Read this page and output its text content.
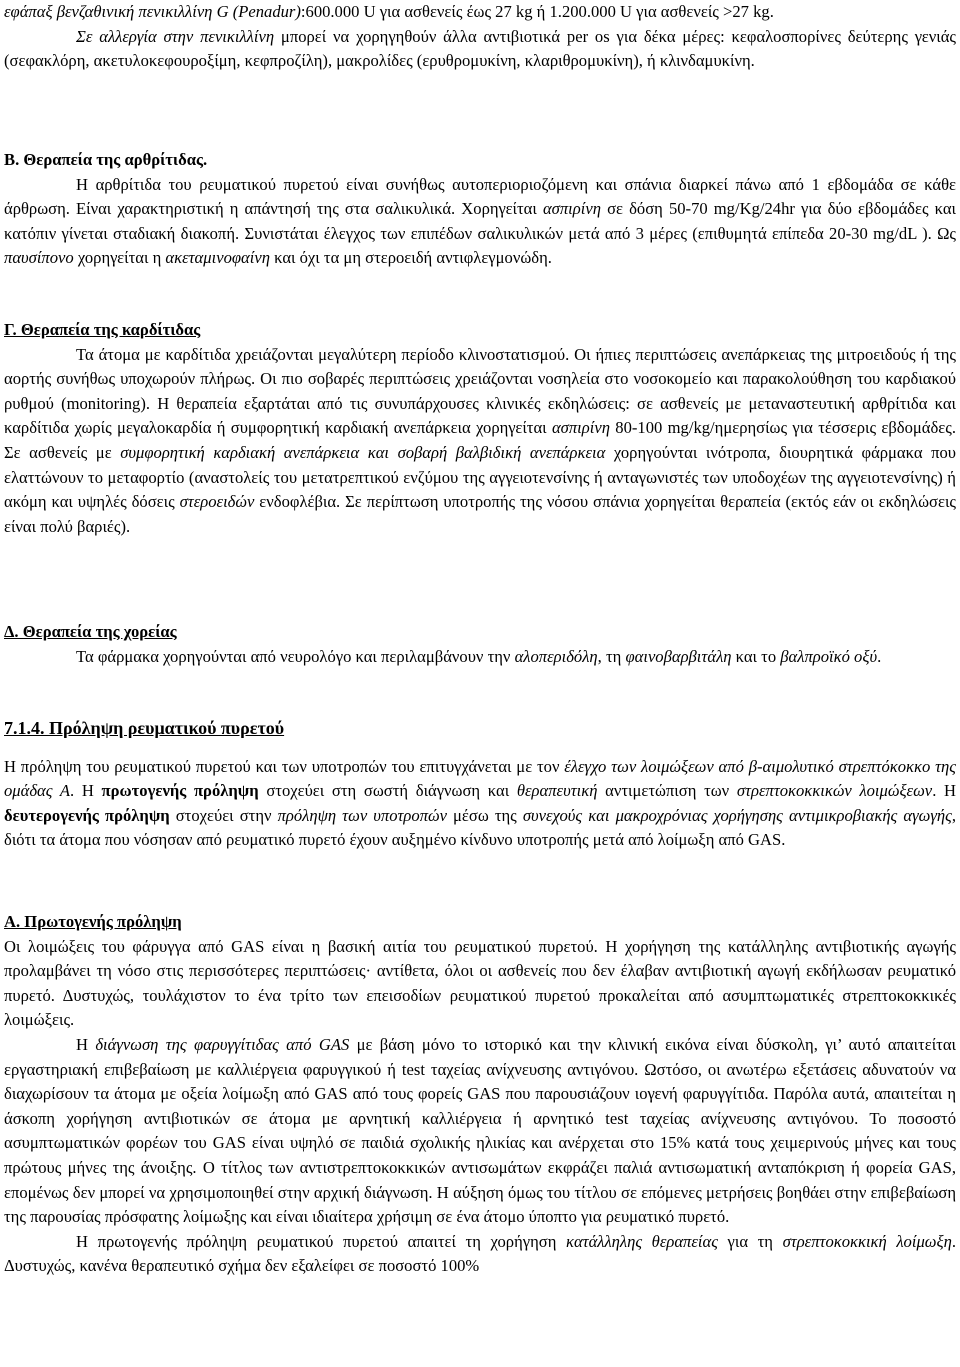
εφάπαξ βενζαθινική πενικιλλίνη G (Penadur):600.000 U για ασθενείς έως 27 kg ή 1.200.000 U για ασθενείς >27 kg.

Σε αλλεργία στην πενικιλλίνη μπορεί να χορηγηθούν άλλα αντιβιοτικά per os για δέκα μέρες: κεφαλοσπορίνες δεύτερης γενιάς (σεφακλόρη, ακετυλοκεφουροξίμη, κεφπροζίλη), μακρολίδες (ερυθρομυκίνη, κλαριθρομυκίνη), ή κλινδαμυκίνη.

Β. Θεραπεία της αρθρίτιδας.

Η αρθρίτιδα του ρευματικού πυρετού είναι συνήθως αυτοπεριοριοζόμενη και σπάνια διαρκεί πάνω από 1 εβδομάδα σε κάθε άρθρωση. Είναι χαρακτηριστική η απάντησή της στα σαλικυλικά. Χορηγείται ασπιρίνη σε δόση 50-70 mg/Kg/24hr για δύο εβδομάδες και κατόπιν γίνεται σταδιακή διακοπή. Συνιστάται έλεγχος των επιπέδων σαλικυλικών μετά από 3 μέρες (επιθυμητά επίπεδα 20-30 mg/dL ). Ως παυσίπονο χορηγείται η ακεταμινοφαίνη και όχι τα μη στεροειδή αντιφλεγμονώδη.

Γ. Θεραπεία της καρδίτιδας

Τα άτομα με καρδίτιδα χρειάζονται μεγαλύτερη περίοδο κλινοστατισμού. Οι ήπιες περιπτώσεις ανεπάρκειας της μιτροειδούς ή της αορτής συνήθως υποχωρούν πλήρως. Οι πιο σοβαρές περιπτώσεις χρειάζονται νοσηλεία στο νοσοκομείο και παρακολούθηση του καρδιακού ρυθμού (monitoring). Η θεραπεία εξαρτάται από τις συνυπάρχουσες κλινικές εκδηλώσεις: σε ασθενείς με μεταναστευτική αρθρίτιδα και καρδίτιδα χωρίς μεγαλοκαρδία ή συμφορητική καρδιακή ανεπάρκεια χορηγείται ασπιρίνη 80-100 mg/kg/ημερησίως για τέσσερις εβδομάδες. Σε ασθενείς με συμφορητική καρδιακή ανεπάρκεια και σοβαρή βαλβιδική ανεπάρκεια χορηγούνται ινότροπα, διουρητικά φάρμακα που ελαττώνουν το μεταφορτίο (αναστολείς του μετατρεπτικού ενζύμου της αγγειοτενσίνης ή ανταγωνιστές των υποδοχέων της αγγειοτενσίνης) ή ακόμη και υψηλές δόσεις στεροειδών ενδοφλέβια. Σε περίπτωση υποτροπής της νόσου σπάνια χορηγείται θεραπεία (εκτός εάν οι εκδηλώσεις είναι πολύ βαριές).

Δ. Θεραπεία της χορείας

Τα φάρμακα χορηγούνται από νευρολόγο και περιλαμβάνουν την αλοπεριδόλη, τη φαινοβαρβιτάλη και το βαλπροϊκό οξύ.

7.1.4. Πρόληψη ρευματικού πυρετού

Η πρόληψη του ρευματικού πυρετού και των υποτροπών του επιτυγχάνεται με τον έλεγχο των λοιμώξεων από β-αιμολυτικό στρεπτόκοκκο της ομάδας Α. Η πρωτογενής πρόληψη στοχεύει στη σωστή διάγνωση και θεραπευτική αντιμετώπιση των στρεπτοκοκκικών λοιμώξεων. Η δευτερογενής πρόληψη στοχεύει στην πρόληψη των υποτροπών μέσω της συνεχούς και μακροχρόνιας χορήγησης αντιμικροβιακής αγωγής, διότι τα άτομα που νόσησαν από ρευματικό πυρετό έχουν αυξημένο κίνδυνο υποτροπής μετά από λοίμωξη από GAS.

Α. Πρωτογενής πρόληψη

Οι λοιμώξεις του φάρυγγα από GAS είναι η βασική αιτία του ρευματικού πυρετού. Η χορήγηση της κατάλληλης αντιβιοτικής αγωγής προλαμβάνει τη νόσο στις περισσότερες περιπτώσεις· αντίθετα, όλοι οι ασθενείς που δεν έλαβαν αντιβιοτική αγωγή εκδήλωσαν ρευματικό πυρετό. Δυστυχώς, τουλάχιστον το ένα τρίτο των επεισοδίων ρευματικού πυρετού προκαλείται από ασυμπτωματικές στρεπτοκοκκικές λοιμώξεις.

Η διάγνωση της φαρυγγίτιδας από GAS με βάση μόνο το ιστορικό και την κλινική εικόνα είναι δύσκολη, γι’ αυτό απαιτείται εργαστηριακή επιβεβαίωση με καλλιέργεια φαρυγγικού ή test ταχείας ανίχνευσης αντιγόνου. Ωστόσο, οι ανωτέρω εξετάσεις αδυνατούν να διαχωρίσουν τα άτομα με οξεία λοίμωξη από GAS από τους φορείς GAS που παρουσιάζουν ιογενή φαρυγγίτιδα. Παρόλα αυτά, απαιτείται η άσκοπη χορήγηση αντιβιοτικών σε άτομα με αρνητική καλλιέργεια ή αρνητικό test ταχείας ανίχνευσης αντιγόνου. Το ποσοστό ασυμπτωματικών φορέων του GAS είναι υψηλό σε παιδιά σχολικής ηλικίας και ανέρχεται στο 15% κατά τους χειμερινούς μήνες και τους πρώτους μήνες της άνοιξης. Ο τίτλος των αντιστρεπτοκοκκικών αντισωμάτων εκφράζει παλιά αντισωματική ανταπόκριση ή φορεία GAS, επομένως δεν μπορεί να χρησιμοποιηθεί στην αρχική διάγνωση. Η αύξηση όμως του τίτλου σε επόμενες μετρήσεις βοηθάει στην επιβεβαίωση της παρουσίας πρόσφατης λοίμωξης και είναι ιδιαίτερα χρήσιμη σε ένα άτομο ύποπτο για ρευματικό πυρετό.

Η πρωτογενής πρόληψη ρευματικού πυρετού απαιτεί τη χορήγηση κατάλληλης θεραπείας για τη στρεπτοκοκκική λοίμωξη. Δυστυχώς, κανένα θεραπευτικό σχήμα δεν εξαλείφει σε ποσοστό 100%
